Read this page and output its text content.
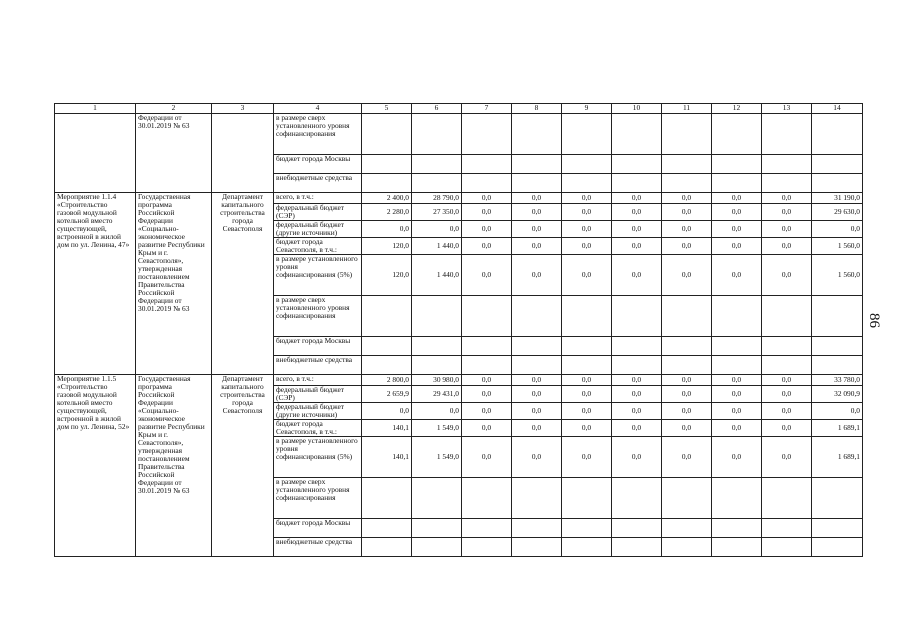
1	2	3	4	5	6	7	8	9	10	11	12	13	14
	Федерации от 30.01.2019 № 63		в размере сверх установленного уровня софинансирования										
			бюджет города Москвы										
			внебюджетные средства										
Мероприятие 1.1.4 «Строительство газовой модульной котельной вместо существующей, встроенной в жилой дом по ул. Ленина, 47»	Государственная программа Российской Федерации «Социально-экономическое развитие Республики Крым и г. Севастополя», утвержденная постановлением Правительства Российской Федерации от 30.01.2019 № 63	Департамент капитального строительства города Севастополя	всего, в т.ч.:	2 400,0	28 790,0	0,0	0,0	0,0	0,0	0,0	0,0	0,0	31 190,0
			федеральный бюджет (СЭР)	2 280,0	27 350,0	0,0	0,0	0,0	0,0	0,0	0,0	0,0	29 630,0
			федеральный бюджет (другие источники)	0,0	0,0	0,0	0,0	0,0	0,0	0,0	0,0	0,0	0,0
			бюджет города Севастополя, в т.ч.:	120,0	1 440,0	0,0	0,0	0,0	0,0	0,0	0,0	0,0	1 560,0
			в размере установленного уровня софинансирования (5%)	120,0	1 440,0	0,0	0,0	0,0	0,0	0,0	0,0	0,0	1 560,0
			в размере сверх установленного уровня софинансирования										
			бюджет города Москвы										
			внебюджетные средства										
Мероприятие 1.1.5 «Строительство газовой модульной котельной вместо существующей, встроенной в жилой дом по ул. Ленина, 52»	Государственная программа Российской Федерации «Социально-экономическое развитие Республики Крым и г. Севастополя», утвержденная постановлением Правительства Российской Федерации от 30.01.2019 № 63	Департамент капитального строительства города Севастополя	всего, в т.ч.:	2 800,0	30 980,0	0,0	0,0	0,0	0,0	0,0	0,0	0,0	33 780,0
			федеральный бюджет (СЭР)	2 659,9	29 431,0	0,0	0,0	0,0	0,0	0,0	0,0	0,0	32 090,9
			федеральный бюджет (другие источники)	0,0	0,0	0,0	0,0	0,0	0,0	0,0	0,0	0,0	0,0
			бюджет города Севастополя, в т.ч.:	140,1	1 549,0	0,0	0,0	0,0	0,0	0,0	0,0	0,0	1 689,1
			в размере установленного уровня софинансирования (5%)	140,1	1 549,0	0,0	0,0	0,0	0,0	0,0	0,0	0,0	1 689,1
			в размере сверх установленного уровня софинансирования										
			бюджет города Москвы										
			внебюджетные средства										
86
